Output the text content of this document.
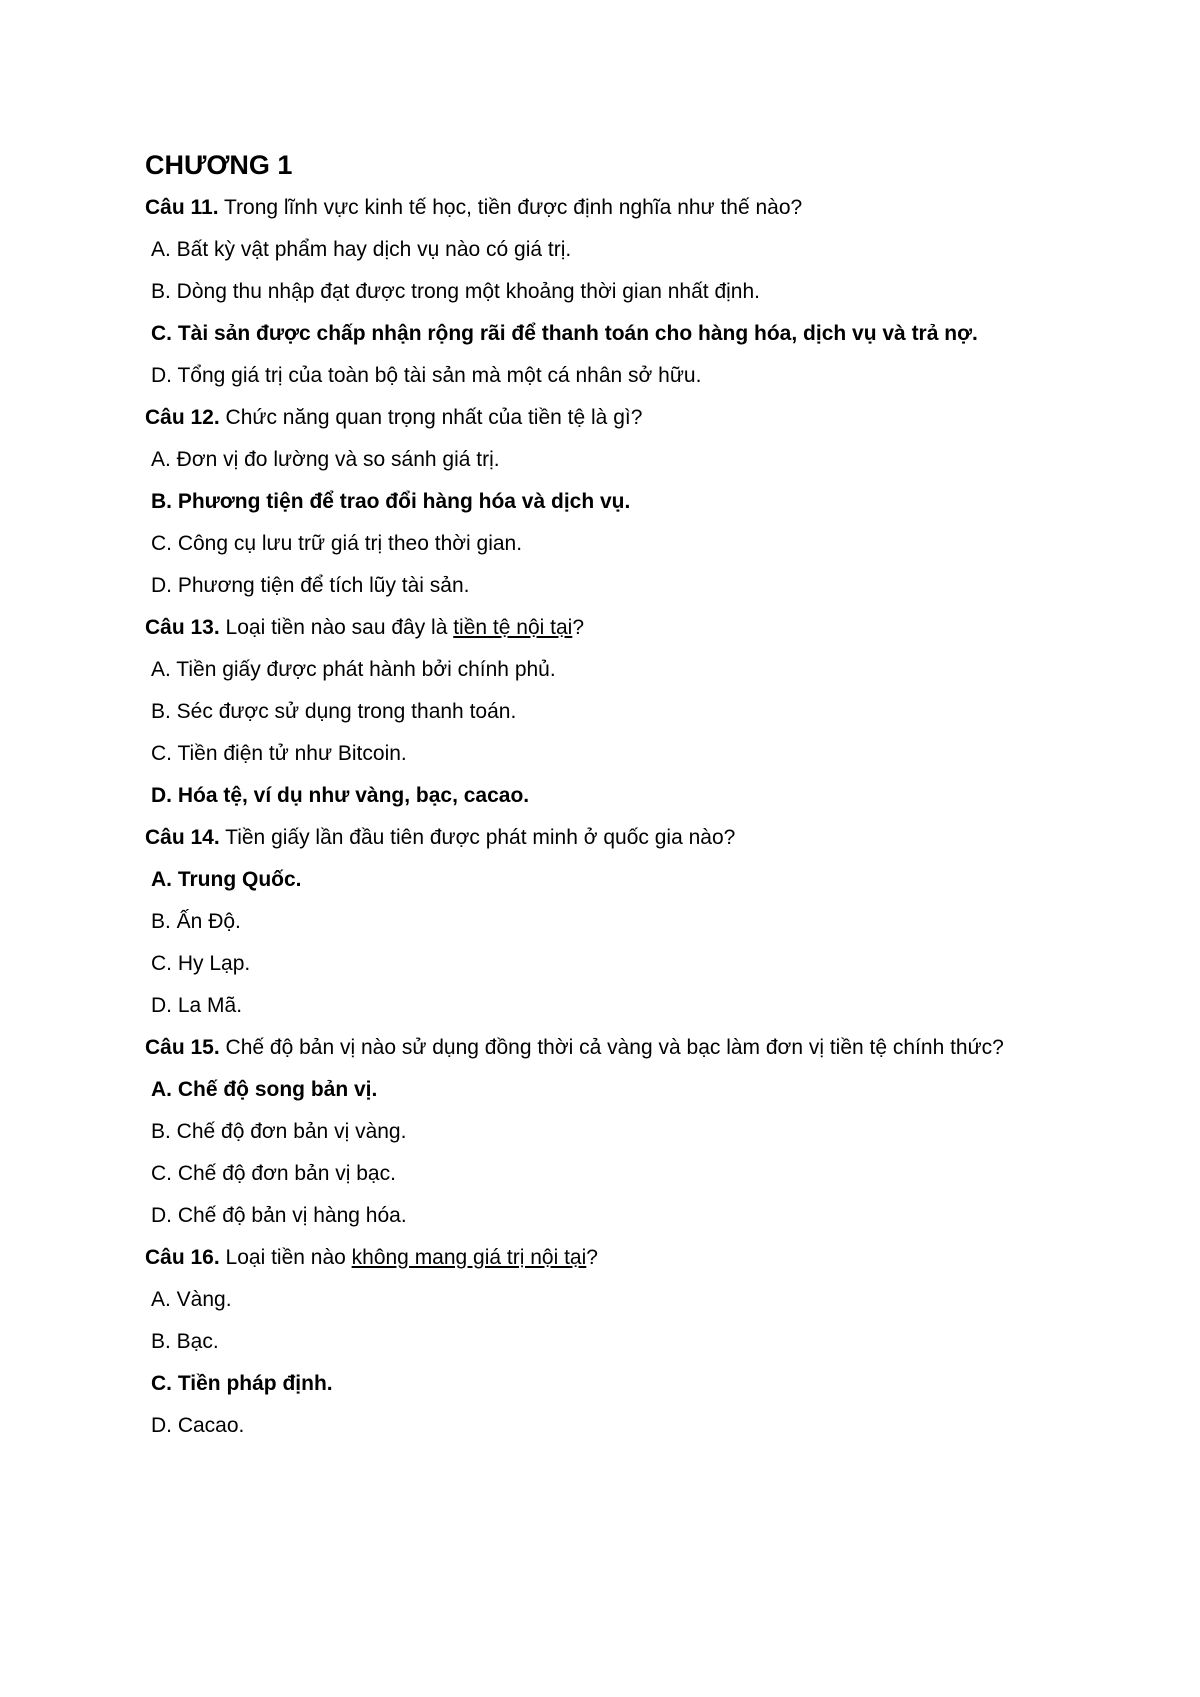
CHƯƠNG 1
Câu 11. Trong lĩnh vực kinh tế học, tiền được định nghĩa như thế nào?
A. Bất kỳ vật phẩm hay dịch vụ nào có giá trị.
B. Dòng thu nhập đạt được trong một khoảng thời gian nhất định.
C. Tài sản được chấp nhận rộng rãi để thanh toán cho hàng hóa, dịch vụ và trả nợ.
D. Tổng giá trị của toàn bộ tài sản mà một cá nhân sở hữu.
Câu 12. Chức năng quan trọng nhất của tiền tệ là gì?
A. Đơn vị đo lường và so sánh giá trị.
B. Phương tiện để trao đổi hàng hóa và dịch vụ.
C. Công cụ lưu trữ giá trị theo thời gian.
D. Phương tiện để tích lũy tài sản.
Câu 13. Loại tiền nào sau đây là tiền tệ nội tại?
A. Tiền giấy được phát hành bởi chính phủ.
B. Séc được sử dụng trong thanh toán.
C. Tiền điện tử như Bitcoin.
D. Hóa tệ, ví dụ như vàng, bạc, cacao.
Câu 14. Tiền giấy lần đầu tiên được phát minh ở quốc gia nào?
A. Trung Quốc.
B. Ấn Độ.
C. Hy Lạp.
D. La Mã.
Câu 15. Chế độ bản vị nào sử dụng đồng thời cả vàng và bạc làm đơn vị tiền tệ chính thức?
A. Chế độ song bản vị.
B. Chế độ đơn bản vị vàng.
C. Chế độ đơn bản vị bạc.
D. Chế độ bản vị hàng hóa.
Câu 16. Loại tiền nào không mang giá trị nội tại?
A. Vàng.
B. Bạc.
C. Tiền pháp định.
D. Cacao.
